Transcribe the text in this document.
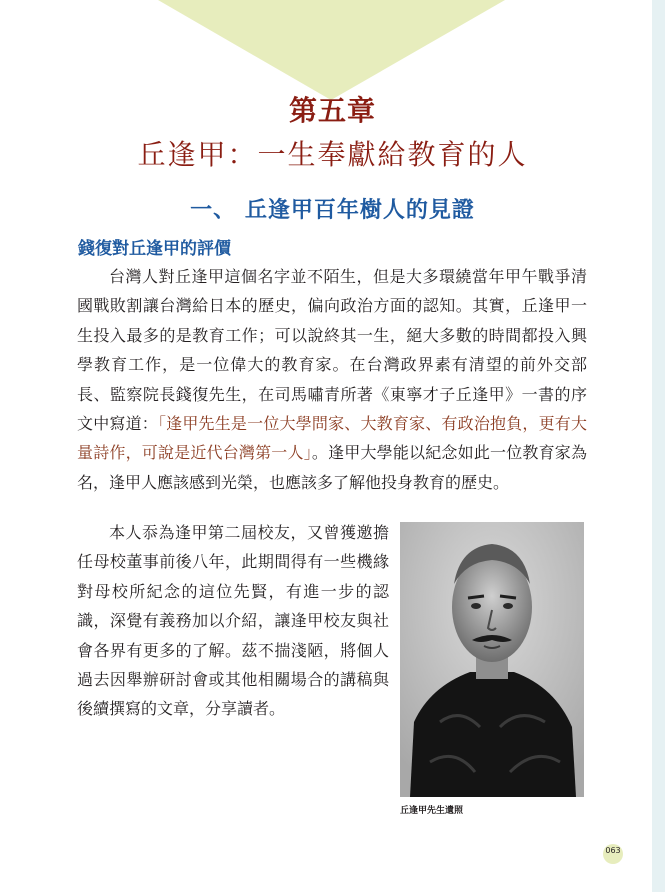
第五章
丘逢甲：一生奉獻給教育的人
一、 丘逢甲百年樹人的見證
錢復對丘逢甲的評價
台灣人對丘逢甲這個名字並不陌生，但是大多環繞當年甲午戰爭清國戰敗割讓台灣給日本的歷史，偏向政治方面的認知。其實，丘逢甲一生投入最多的是教育工作；可以說終其一生，絕大多數的時間都投入興學教育工作，是一位偉大的教育家。在台灣政界素有清望的前外交部長、監察院長錢復先生，在司馬嘯青所著《東寧才子丘逢甲》一書的序文中寫道：「逢甲先生是一位大學問家、大教育家、有政治抱負，更有大量詩作，可說是近代台灣第一人」。逢甲大學能以紀念如此一位教育家為名，逢甲人應該感到光榮，也應該多了解他投身教育的歷史。
本人忝為逢甲第二屆校友，又曾獲邀擔任母校董事前後八年，此期間得有一些機緣對母校所紀念的這位先賢，有進一步的認識，深覺有義務加以介紹，讓逢甲校友與社會各界有更多的了解。茲不揣淺陋，將個人過去因舉辦研討會或其他相關場合的講稿與後續撰寫的文章，分享讀者。
丘逢甲先生遺照
063
